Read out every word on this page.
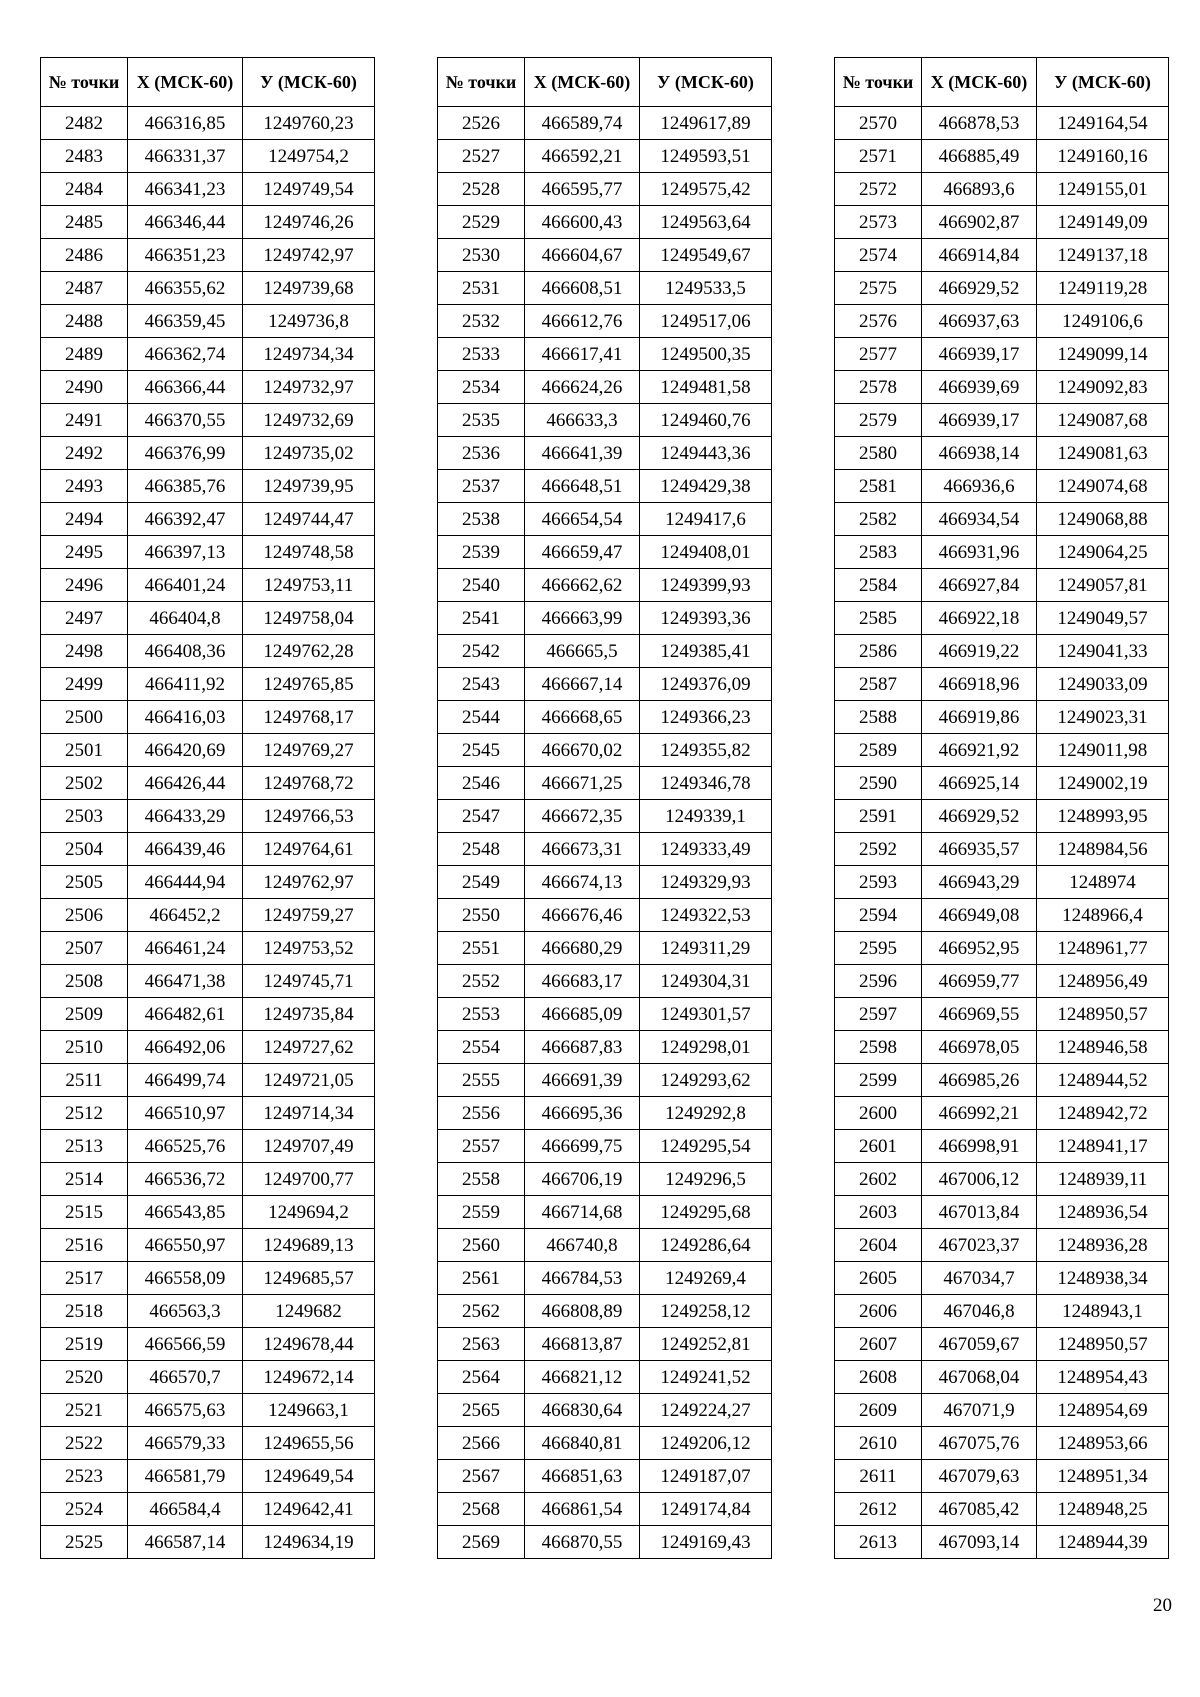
№ точки	Х (МСК-60)	У (МСК-60)
2482	466316,85	1249760,23
2483	466331,37	1249754,2
2484	466341,23	1249749,54
2485	466346,44	1249746,26
2486	466351,23	1249742,97
2487	466355,62	1249739,68
2488	466359,45	1249736,8
2489	466362,74	1249734,34
2490	466366,44	1249732,97
2491	466370,55	1249732,69
2492	466376,99	1249735,02
2493	466385,76	1249739,95
2494	466392,47	1249744,47
2495	466397,13	1249748,58
2496	466401,24	1249753,11
2497	466404,8	1249758,04
2498	466408,36	1249762,28
2499	466411,92	1249765,85
2500	466416,03	1249768,17
2501	466420,69	1249769,27
2502	466426,44	1249768,72
2503	466433,29	1249766,53
2504	466439,46	1249764,61
2505	466444,94	1249762,97
2506	466452,2	1249759,27
2507	466461,24	1249753,52
2508	466471,38	1249745,71
2509	466482,61	1249735,84
2510	466492,06	1249727,62
2511	466499,74	1249721,05
2512	466510,97	1249714,34
2513	466525,76	1249707,49
2514	466536,72	1249700,77
2515	466543,85	1249694,2
2516	466550,97	1249689,13
2517	466558,09	1249685,57
2518	466563,3	1249682
2519	466566,59	1249678,44
2520	466570,7	1249672,14
2521	466575,63	1249663,1
2522	466579,33	1249655,56
2523	466581,79	1249649,54
2524	466584,4	1249642,41
2525	466587,14	1249634,19
№ точки	Х (МСК-60)	У (МСК-60)
2526	466589,74	1249617,89
2527	466592,21	1249593,51
2528	466595,77	1249575,42
2529	466600,43	1249563,64
2530	466604,67	1249549,67
2531	466608,51	1249533,5
2532	466612,76	1249517,06
2533	466617,41	1249500,35
2534	466624,26	1249481,58
2535	466633,3	1249460,76
2536	466641,39	1249443,36
2537	466648,51	1249429,38
2538	466654,54	1249417,6
2539	466659,47	1249408,01
2540	466662,62	1249399,93
2541	466663,99	1249393,36
2542	466665,5	1249385,41
2543	466667,14	1249376,09
2544	466668,65	1249366,23
2545	466670,02	1249355,82
2546	466671,25	1249346,78
2547	466672,35	1249339,1
2548	466673,31	1249333,49
2549	466674,13	1249329,93
2550	466676,46	1249322,53
2551	466680,29	1249311,29
2552	466683,17	1249304,31
2553	466685,09	1249301,57
2554	466687,83	1249298,01
2555	466691,39	1249293,62
2556	466695,36	1249292,8
2557	466699,75	1249295,54
2558	466706,19	1249296,5
2559	466714,68	1249295,68
2560	466740,8	1249286,64
2561	466784,53	1249269,4
2562	466808,89	1249258,12
2563	466813,87	1249252,81
2564	466821,12	1249241,52
2565	466830,64	1249224,27
2566	466840,81	1249206,12
2567	466851,63	1249187,07
2568	466861,54	1249174,84
2569	466870,55	1249169,43
№ точки	Х (МСК-60)	У (МСК-60)
2570	466878,53	1249164,54
2571	466885,49	1249160,16
2572	466893,6	1249155,01
2573	466902,87	1249149,09
2574	466914,84	1249137,18
2575	466929,52	1249119,28
2576	466937,63	1249106,6
2577	466939,17	1249099,14
2578	466939,69	1249092,83
2579	466939,17	1249087,68
2580	466938,14	1249081,63
2581	466936,6	1249074,68
2582	466934,54	1249068,88
2583	466931,96	1249064,25
2584	466927,84	1249057,81
2585	466922,18	1249049,57
2586	466919,22	1249041,33
2587	466918,96	1249033,09
2588	466919,86	1249023,31
2589	466921,92	1249011,98
2590	466925,14	1249002,19
2591	466929,52	1248993,95
2592	466935,57	1248984,56
2593	466943,29	1248974
2594	466949,08	1248966,4
2595	466952,95	1248961,77
2596	466959,77	1248956,49
2597	466969,55	1248950,57
2598	466978,05	1248946,58
2599	466985,26	1248944,52
2600	466992,21	1248942,72
2601	466998,91	1248941,17
2602	467006,12	1248939,11
2603	467013,84	1248936,54
2604	467023,37	1248936,28
2605	467034,7	1248938,34
2606	467046,8	1248943,1
2607	467059,67	1248950,57
2608	467068,04	1248954,43
2609	467071,9	1248954,69
2610	467075,76	1248953,66
2611	467079,63	1248951,34
2612	467085,42	1248948,25
2613	467093,14	1248944,39
20
